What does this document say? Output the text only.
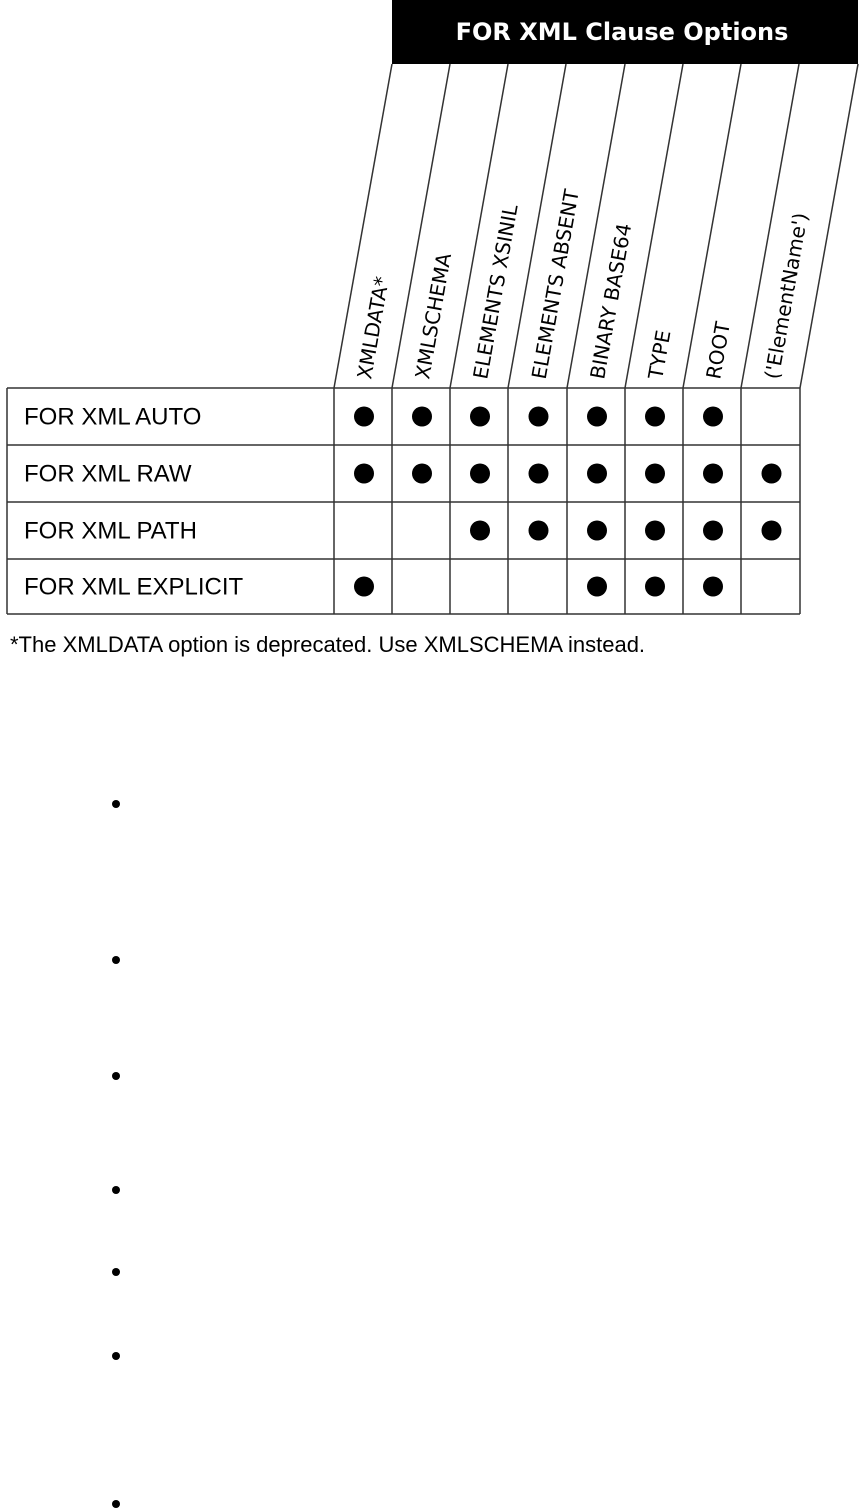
FOR XML Clause Options
XMLDATA* XMLSCHEMA ELEMENTS XSINIL ELEMENTS ABSENT BINARY BASE64 TYPE ROOT ('ElementName')
FOR XML AUTO
FOR XML RAW
FOR XML PATH
FOR XML EXPLICIT
*The XMLDATA option is deprecated. Use XMLSCHEMA instead.
